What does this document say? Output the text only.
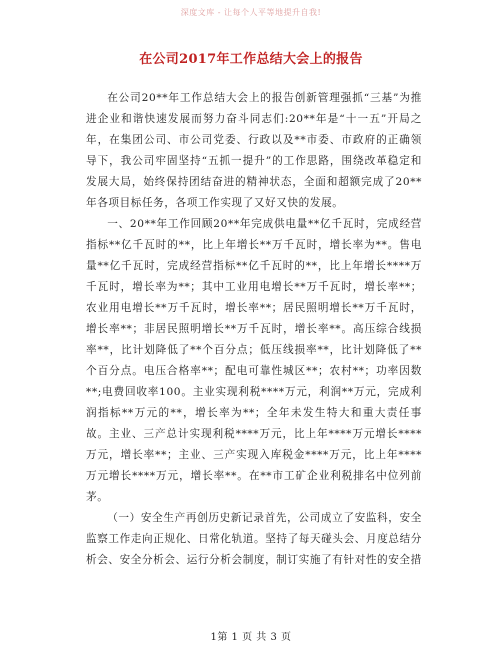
深度文库 - 让每个人平等地提升自我!
在公司2017年工作总结大会上的报告

在公司20**年工作总结大会上的报告创新管理强抓“三基”为推进企业和谐快速发展而努力奋斗同志们:20**年是“十一五”开局之年，在集团公司、市公司党委、行政以及**市委、市政府的正确领导下，我公司牢固坚持“五抓一提升”的工作思路，围绕改革稳定和发展大局，始终保持团结奋进的精神状态，全面和超额完成了20**年各项目标任务，各项工作实现了又好又快的发展。

一、20**年工作回顾20**年完成供电量**亿千瓦时，完成经营指标**亿千瓦时的**，比上年增长**万千瓦时，增长率为**。售电量**亿千瓦时，完成经营指标**亿千瓦时的**，比上年增长****万千瓦时，增长率为**；其中工业用电增长**万千瓦时，增长率**；农业用电增长**万千瓦时，增长率**；居民照明增长**万千瓦时，增长率**；非居民照明增长**万千瓦时，增长率**。高压综合线损率**，比计划降低了**个百分点；低压线损率**，比计划降低了**个百分点。电压合格率**；配电可靠性城区**；农村**；功率因数**;电费回收率100。主业实现利税****万元，利润**万元，完成利润指标**万元的**，增长率为**；全年未发生特大和重大责任事故。主业、三产总计实现利税****万元，比上年****万元增长****万元，增长率**；主业、三产实现入库税金****万元，比上年****万元增长****万元，增长率**。在**市工矿企业利税排名中位列前茅。

（一）安全生产再创历史新记录首先，公司成立了安监科，安全监察工作走向正规化、日常化轨道。坚持了每天碰头会、月度总结分析会、安全分析会、运行分析会制度，制订实施了有针对性的安全措

1第 1 页 共 3 页
